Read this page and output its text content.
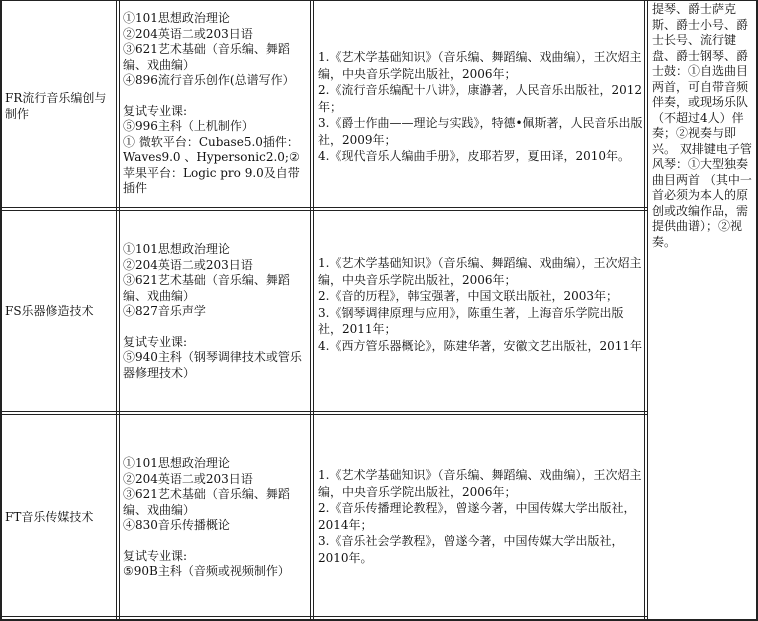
FR流行音乐编创与制作

①101思想政治理论

②204英语二或203日语

③621艺术基础（音乐编、舞蹈编、戏曲编）

④896流行音乐创作(总谱写作）

复试专业课:

⑤996主科（上机制作）

① 微软平台：Cubase5.0插件：Waves9.0 、Hypersonic2.0;②苹果平台：Logic pro 9.0及自带插件

1.《艺术学基础知识》（音乐编、舞蹈编、戏曲编），王次炤主编，中央音乐学院出版社，2006年；

2.《流行音乐编配十八讲》，康瀞著，人民音乐出版社，2012年；

3.《爵士作曲——理论与实践》，特德•佩斯著，人民音乐出版社，2009年；

4.《现代音乐人编曲手册》，皮耶若罗，夏田译，2010年。

FS乐器修造技术

①101思想政治理论

②204英语二或203日语

③621艺术基础（音乐编、舞蹈编、戏曲编）

④827音乐声学

复试专业课:

⑤940主科（钢琴调律技术或管乐器修理技术）

1.《艺术学基础知识》（音乐编、舞蹈编、戏曲编），王次炤主编，中央音乐学院出版社，2006年；

2.《音的历程》，韩宝强著，中国文联出版社，2003年；

3.《钢琴调律原理与应用》，陈重生著，上海音乐学院出版社，2011年；

4.《西方管乐器概论》，陈建华著，安徽文艺出版社，2011年

FT音乐传媒技术

①101思想政治理论

②204英语二或203日语

③621艺术基础（音乐编、舞蹈编、戏曲编）

④830音乐传播概论

复试专业课:

⑤90B主科（音频或视频制作）

1.《艺术学基础知识》（音乐编、舞蹈编、戏曲编），王次炤主编，中央音乐学院出版社，2006年；

2.《音乐传播理论教程》，曾遂今著，中国传媒大学出版社，2014年；

3.《音乐社会学教程》，曾遂今著，中国传媒大学出版社，2010年。

提琴、爵士萨克斯、爵士小号、爵士长号、流行键盘、爵士钢琴、爵士鼓：①自选曲目两首，可自带音频伴奏，或现场乐队（不超过4人）伴奏；②视奏与即兴。 双排键电子管风琴：①大型独奏曲目两首 （其中一首必须为本人的原创或改编作品，需提供曲谱）；②视奏。
